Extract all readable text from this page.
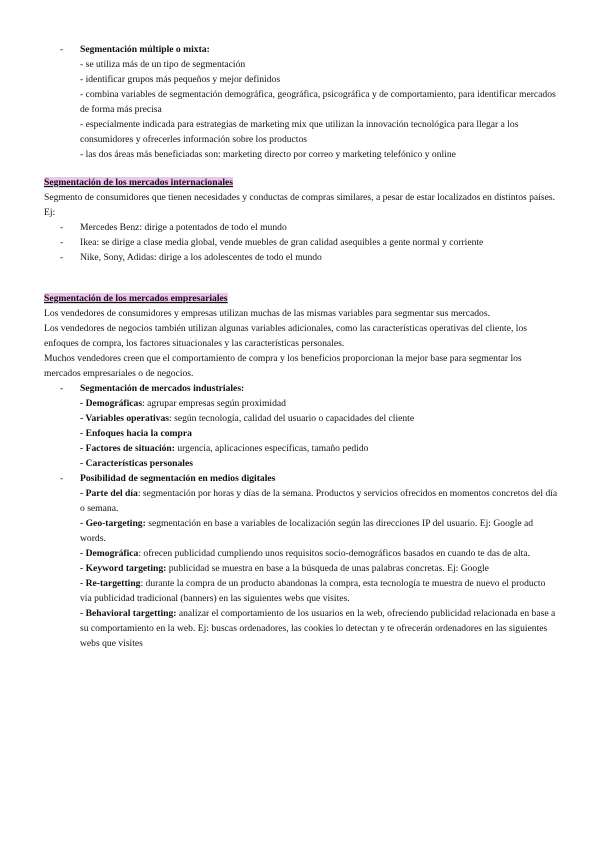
- Segmentación múltiple o mixta:

- se utiliza más de un tipo de segmentación

- identificar grupos más pequeños y mejor definidos

- combina variables de segmentación demográfica, geográfica, psicográfica y de comportamiento, para identificar mercados de forma más precisa

- especialmente indicada para estrategias de marketing mix que utilizan la innovación tecnológica para llegar a los consumidores y ofrecerles información sobre los productos

- las dos áreas más beneficiadas son: marketing directo por correo y marketing telefónico y online

Segmentación de los mercados internacionales

Segmento de consumidores que tienen necesidades y conductas de compras similares, a pesar de estar localizados en distintos países.

Ej:

- Mercedes Benz: dirige a potentados de todo el mundo
- Ikea: se dirige a clase media global, vende muebles de gran calidad asequibles a gente normal y corriente
- Nike, Sony, Adidas: dirige a los adolescentes de todo el mundo

Segmentación de los mercados empresariales

Los vendedores de consumidores y empresas utilizan muchas de las mismas variables para segmentar sus mercados.

Los vendedores de negocios también utilizan algunas variables adicionales, como las características operativas del cliente, los enfoques de compra, los factores situacionales y las características personales.

Muchos vendedores creen que el comportamiento de compra y los beneficios proporcionan la mejor base para segmentar los mercados empresariales o de negocios.

- Segmentación de mercados industriales:

- Demográficas: agrupar empresas según proximidad

- Variables operativas: según tecnología, calidad del usuario o capacidades del cliente

- Enfoques hacia la compra

- Factores de situación: urgencia, aplicaciones específicas, tamaño pedido

- Características personales

- Posibilidad de segmentación en medios digitales

- Parte del día: segmentación por horas y días de la semana. Productos y servicios ofrecidos en momentos concretos del día o semana.

- Geo-targeting: segmentación en base a variables de localización según las direcciones IP del usuario. Ej: Google ad words.

- Demográfica: ofrecen publicidad cumpliendo unos requisitos socio-demográficos basados en cuando te das de alta.

- Keyword targeting: publicidad se muestra en base a la búsqueda de unas palabras concretas. Ej: Google

- Re-targetting: durante la compra de un producto abandonas la compra, esta tecnología te muestra de nuevo el producto vía publicidad tradicional (banners) en las siguientes webs que visites.

- Behavioral targetting: analizar el comportamiento de los usuarios en la web, ofreciendo publicidad relacionada en base a su comportamiento en la web. Ej: buscas ordenadores, las cookies lo detectan y te ofrecerán ordenadores en las siguientes webs que visites
